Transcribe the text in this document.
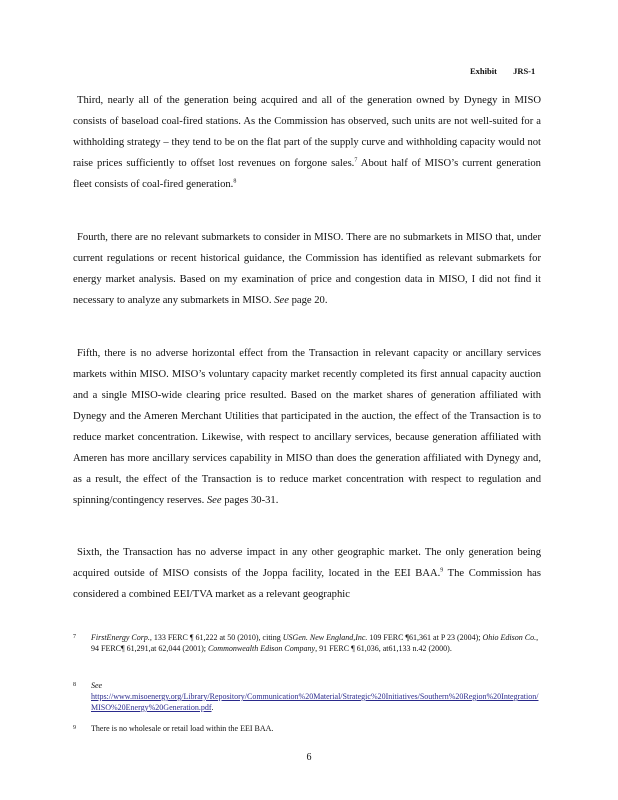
Exhibit JRS-1

Third, nearly all of the generation being acquired and all of the generation owned by Dynegy in MISO consists of baseload coal-fired stations. As the Commission has observed, such units are not well-suited for a withholding strategy – they tend to be on the flat part of the supply curve and withholding capacity would not raise prices sufficiently to offset lost revenues on forgone sales.$^7$ About half of MISO’s current generation fleet consists of coal-fired generation.$^8$

Fourth, there are no relevant submarkets to consider in MISO. There are no submarkets in MISO that, under current regulations or recent historical guidance, the Commission has identified as relevant submarkets for energy market analysis. Based on my examination of price and congestion data in MISO, I did not find it necessary to analyze any submarkets in MISO. See page 20.

Fifth, there is no adverse horizontal effect from the Transaction in relevant capacity or ancillary services markets within MISO. MISO’s voluntary capacity market recently completed its first annual capacity auction and a single MISO-wide clearing price resulted. Based on the market shares of generation affiliated with Dynegy and the Ameren Merchant Utilities that participated in the auction, the effect of the Transaction is to reduce market concentration. Likewise, with respect to ancillary services, because generation affiliated with Ameren has more ancillary services capability in MISO than does the generation affiliated with Dynegy and, as a result, the effect of the Transaction is to reduce market concentration with respect to regulation and spinning/contingency reserves. See pages 30-31.

Sixth, the Transaction has no adverse impact in any other geographic market. The only generation being acquired outside of MISO consists of the Joppa facility, located in the EEI BAA.$^9$ The Commission has considered a combined EEI/TVA market as a relevant geographic

7	FirstEnergy Corp., 133 FERC ¶ 61,222 at 50 (2010), citing USGen. New England,Inc. 109 FERC ¶61,361 at P 23 (2004); Ohio Edison Co., 94 FERC¶ 61,291,at 62,044 (2001); Commonwealth Edison Company, 91 FERC ¶ 61,036, at61,133 n.42 (2000).
8	See
https://www.misoenergy.org/Library/Repository/Communication%20Material/Strategic%20Initiatives/Southern%20Region%20Integration/MISO%20Energy%20Generation.pdf.
9	There is no wholesale or retail load within the EEI BAA.
6
